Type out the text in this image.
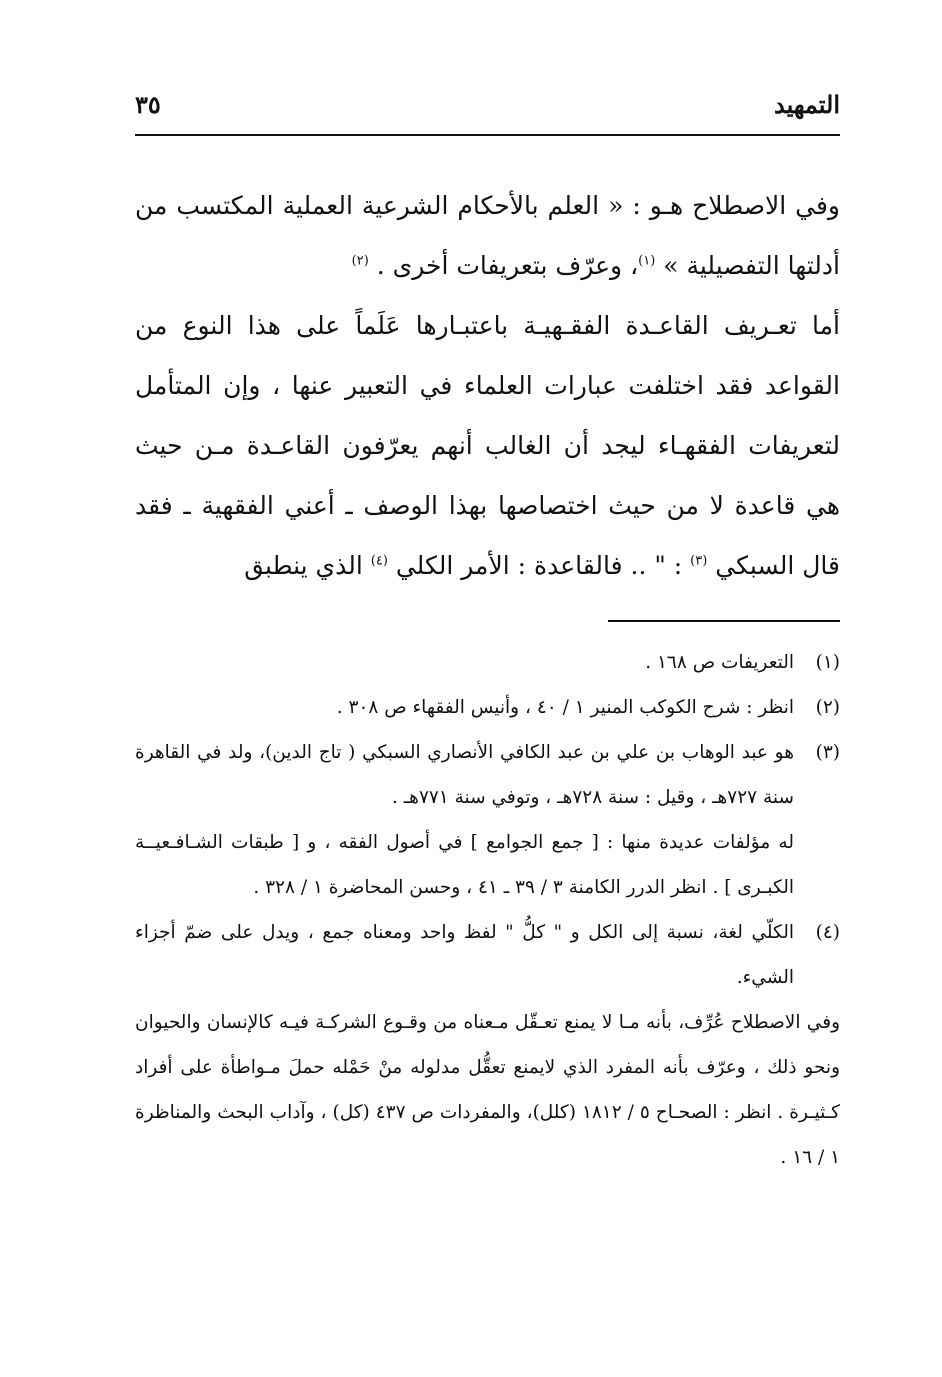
التمهيد
٣٥

وفي الاصطلاح هـو : « العلم بالأحكام الشرعية العملية المكتسب من أدلتها التفصيلية » $^{(١)}$، وعرّف بتعريفات أخرى . $^{(٢)}$

أما تعـريف القاعـدة الفقـهيـة باعتبـارها عَلَماً على هذا النوع من القواعد فقد اختلفت عبارات العلماء في التعبير عنها ، وإن المتأمل لتعريفات الفقهـاء ليجد أن الغالب أنهم يعرّفون القاعـدة مـن حيث هي قاعدة لا من حيث اختصاصها بهذا الوصف ـ أعني الفقهية ـ فقد قال السبكي $^{(٣)}$ : " .. فالقاعدة : الأمر الكلي $^{(٤)}$ الذي ينطبق

(١)

التعريفات ص ١٦٨ .

(٢)

انظر : شرح الكوكب المنير ١ / ٤٠ ، وأنيس الفقهاء ص ٣٠٨ .

(٣)

هو عبد الوهاب بن علي بن عبد الكافي الأنصاري السبكي ( تاج الدين)، ولد في القاهرة سنة ٧٢٧هـ ، وقيل : سنة ٧٢٨هـ ، وتوفي سنة ٧٧١هـ .

له مؤلفات عديدة منها : [ جمع الجوامع ] في أصول الفقه ، و [ طبقات الشـافـعيــة الكبـرى ] . انظر الدرر الكامنة ٣ / ٣٩ ـ ٤١ ، وحسن المحاضرة ١ / ٣٢٨ .

(٤)

الكلّي لغة، نسبة إلى الكل و " كلُّ " لفظ واحد ومعناه جمع ، ويدل على ضمّ أجزاء الشيء.

وفي الاصطلاح عُرِّف، بأنه مـا لا يمنع تعـقّل مـعناه من وقـوع الشركـة فيـه كالإنسان والحيوان ونحو ذلك ، وعرّف بأنه المفرد الذي لايمنع تعقُّل مدلوله منْ حَمْله حملَ مـواطأة على أفراد كـثيـرة . انظر : الصحـاح ٥ / ١٨١٢ (كلل)، والمفردات ص ٤٣٧ (كل) ، وآداب البحث والمناظرة ١ / ١٦ .
